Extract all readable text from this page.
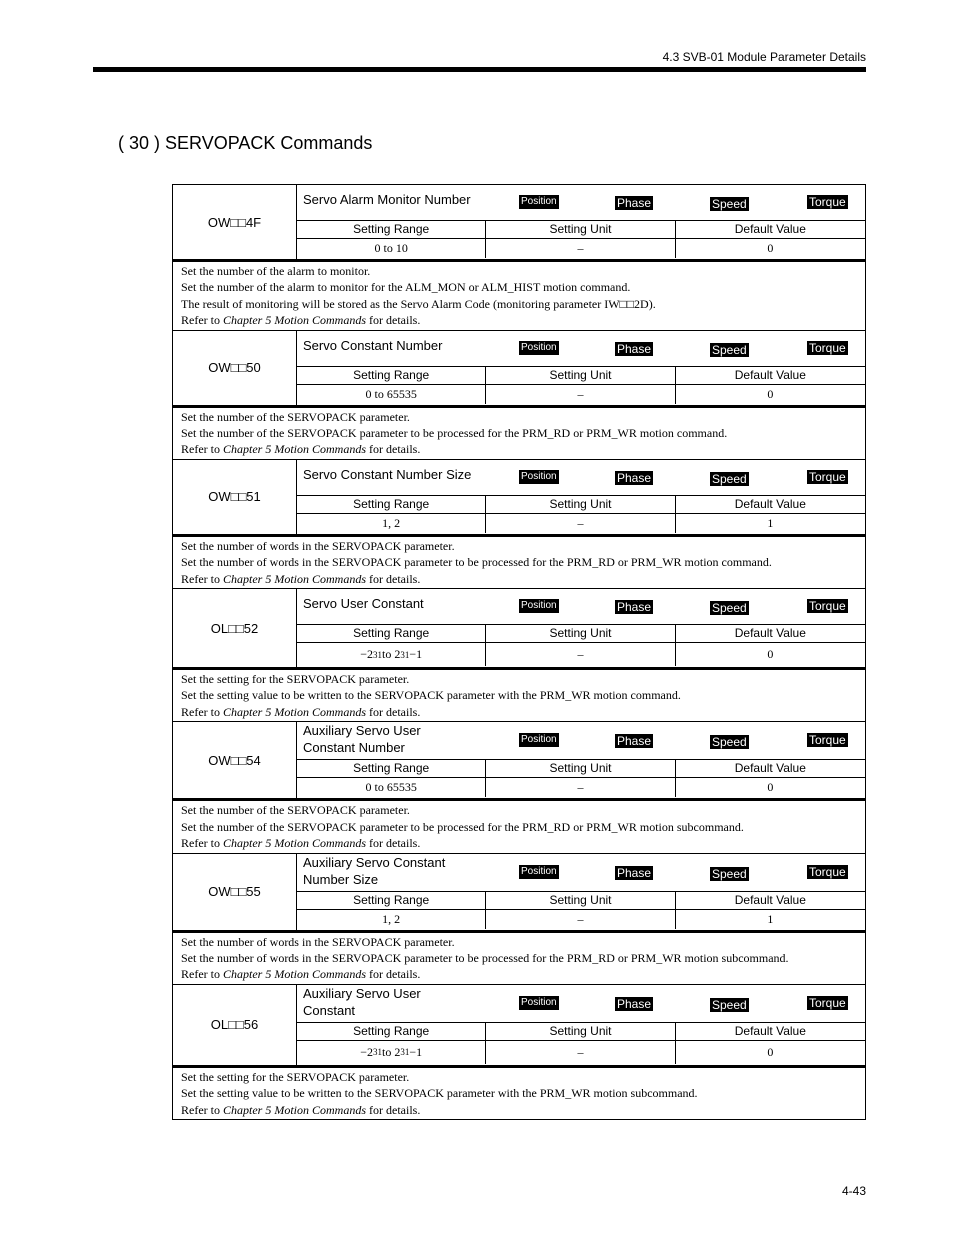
4.3 SVB-01 Module Parameter Details
( 30 ) SERVOPACK Commands
OW□□4F
Servo Alarm Monitor Number	Position	Phase	Speed	Torque
Setting Range	Setting Unit	Default Value
0 to 10	–	0
Set the number of the alarm to monitor.
Set the number of the alarm to monitor for the ALM_MON or ALM_HIST motion command.
The result of monitoring will be stored as the Servo Alarm Code (monitoring parameter IW□□2D).
Refer to Chapter 5 Motion Commands for details.
OW□□50
Servo Constant Number	Position	Phase	Speed	Torque
Setting Range	Setting Unit	Default Value
0 to 65535	–	0
Set the number of the SERVOPACK parameter.
Set the number of the SERVOPACK parameter to be processed for the PRM_RD or PRM_WR motion command.
Refer to Chapter 5 Motion Commands for details.
OW□□51
Servo Constant Number Size	Position	Phase	Speed	Torque
Setting Range	Setting Unit	Default Value
1, 2	–	1
Set the number of words in the SERVOPACK parameter.
Set the number of words in the SERVOPACK parameter to be processed for the PRM_RD or PRM_WR motion command.
Refer to Chapter 5 Motion Commands for details.
OL□□52
Servo User Constant	Position	Phase	Speed	Torque
Setting Range	Setting Unit	Default Value
−2 31 to 2 31 −1	–	0
Set the setting for the SERVOPACK parameter.
Set the setting value to be written to the SERVOPACK parameter with the PRM_WR motion command.
Refer to Chapter 5 Motion Commands for details.
OW□□54
Auxiliary Servo User
Constant Number
Position	Phase	Speed	Torque
Setting Range	Setting Unit	Default Value
0 to 65535	–	0
Set the number of the SERVOPACK parameter.
Set the number of the SERVOPACK parameter to be processed for the PRM_RD or PRM_WR motion subcommand.
Refer to Chapter 5 Motion Commands for details.
OW□□55
Auxiliary Servo Constant
Number Size
Position	Phase	Speed	Torque
Setting Range	Setting Unit	Default Value
1, 2	–	1
Set the number of words in the SERVOPACK parameter.
Set the number of words in the SERVOPACK parameter to be processed for the PRM_RD or PRM_WR motion subcommand.
Refer to Chapter 5 Motion Commands for details.
OL□□56
Auxiliary Servo User
Constant
Position	Phase	Speed	Torque
Setting Range	Setting Unit	Default Value
−2 31 to 2 31 −1	–	0
Set the setting for the SERVOPACK parameter.
Set the setting value to be written to the SERVOPACK parameter with the PRM_WR motion subcommand.
Refer to Chapter 5 Motion Commands for details.
4-43
